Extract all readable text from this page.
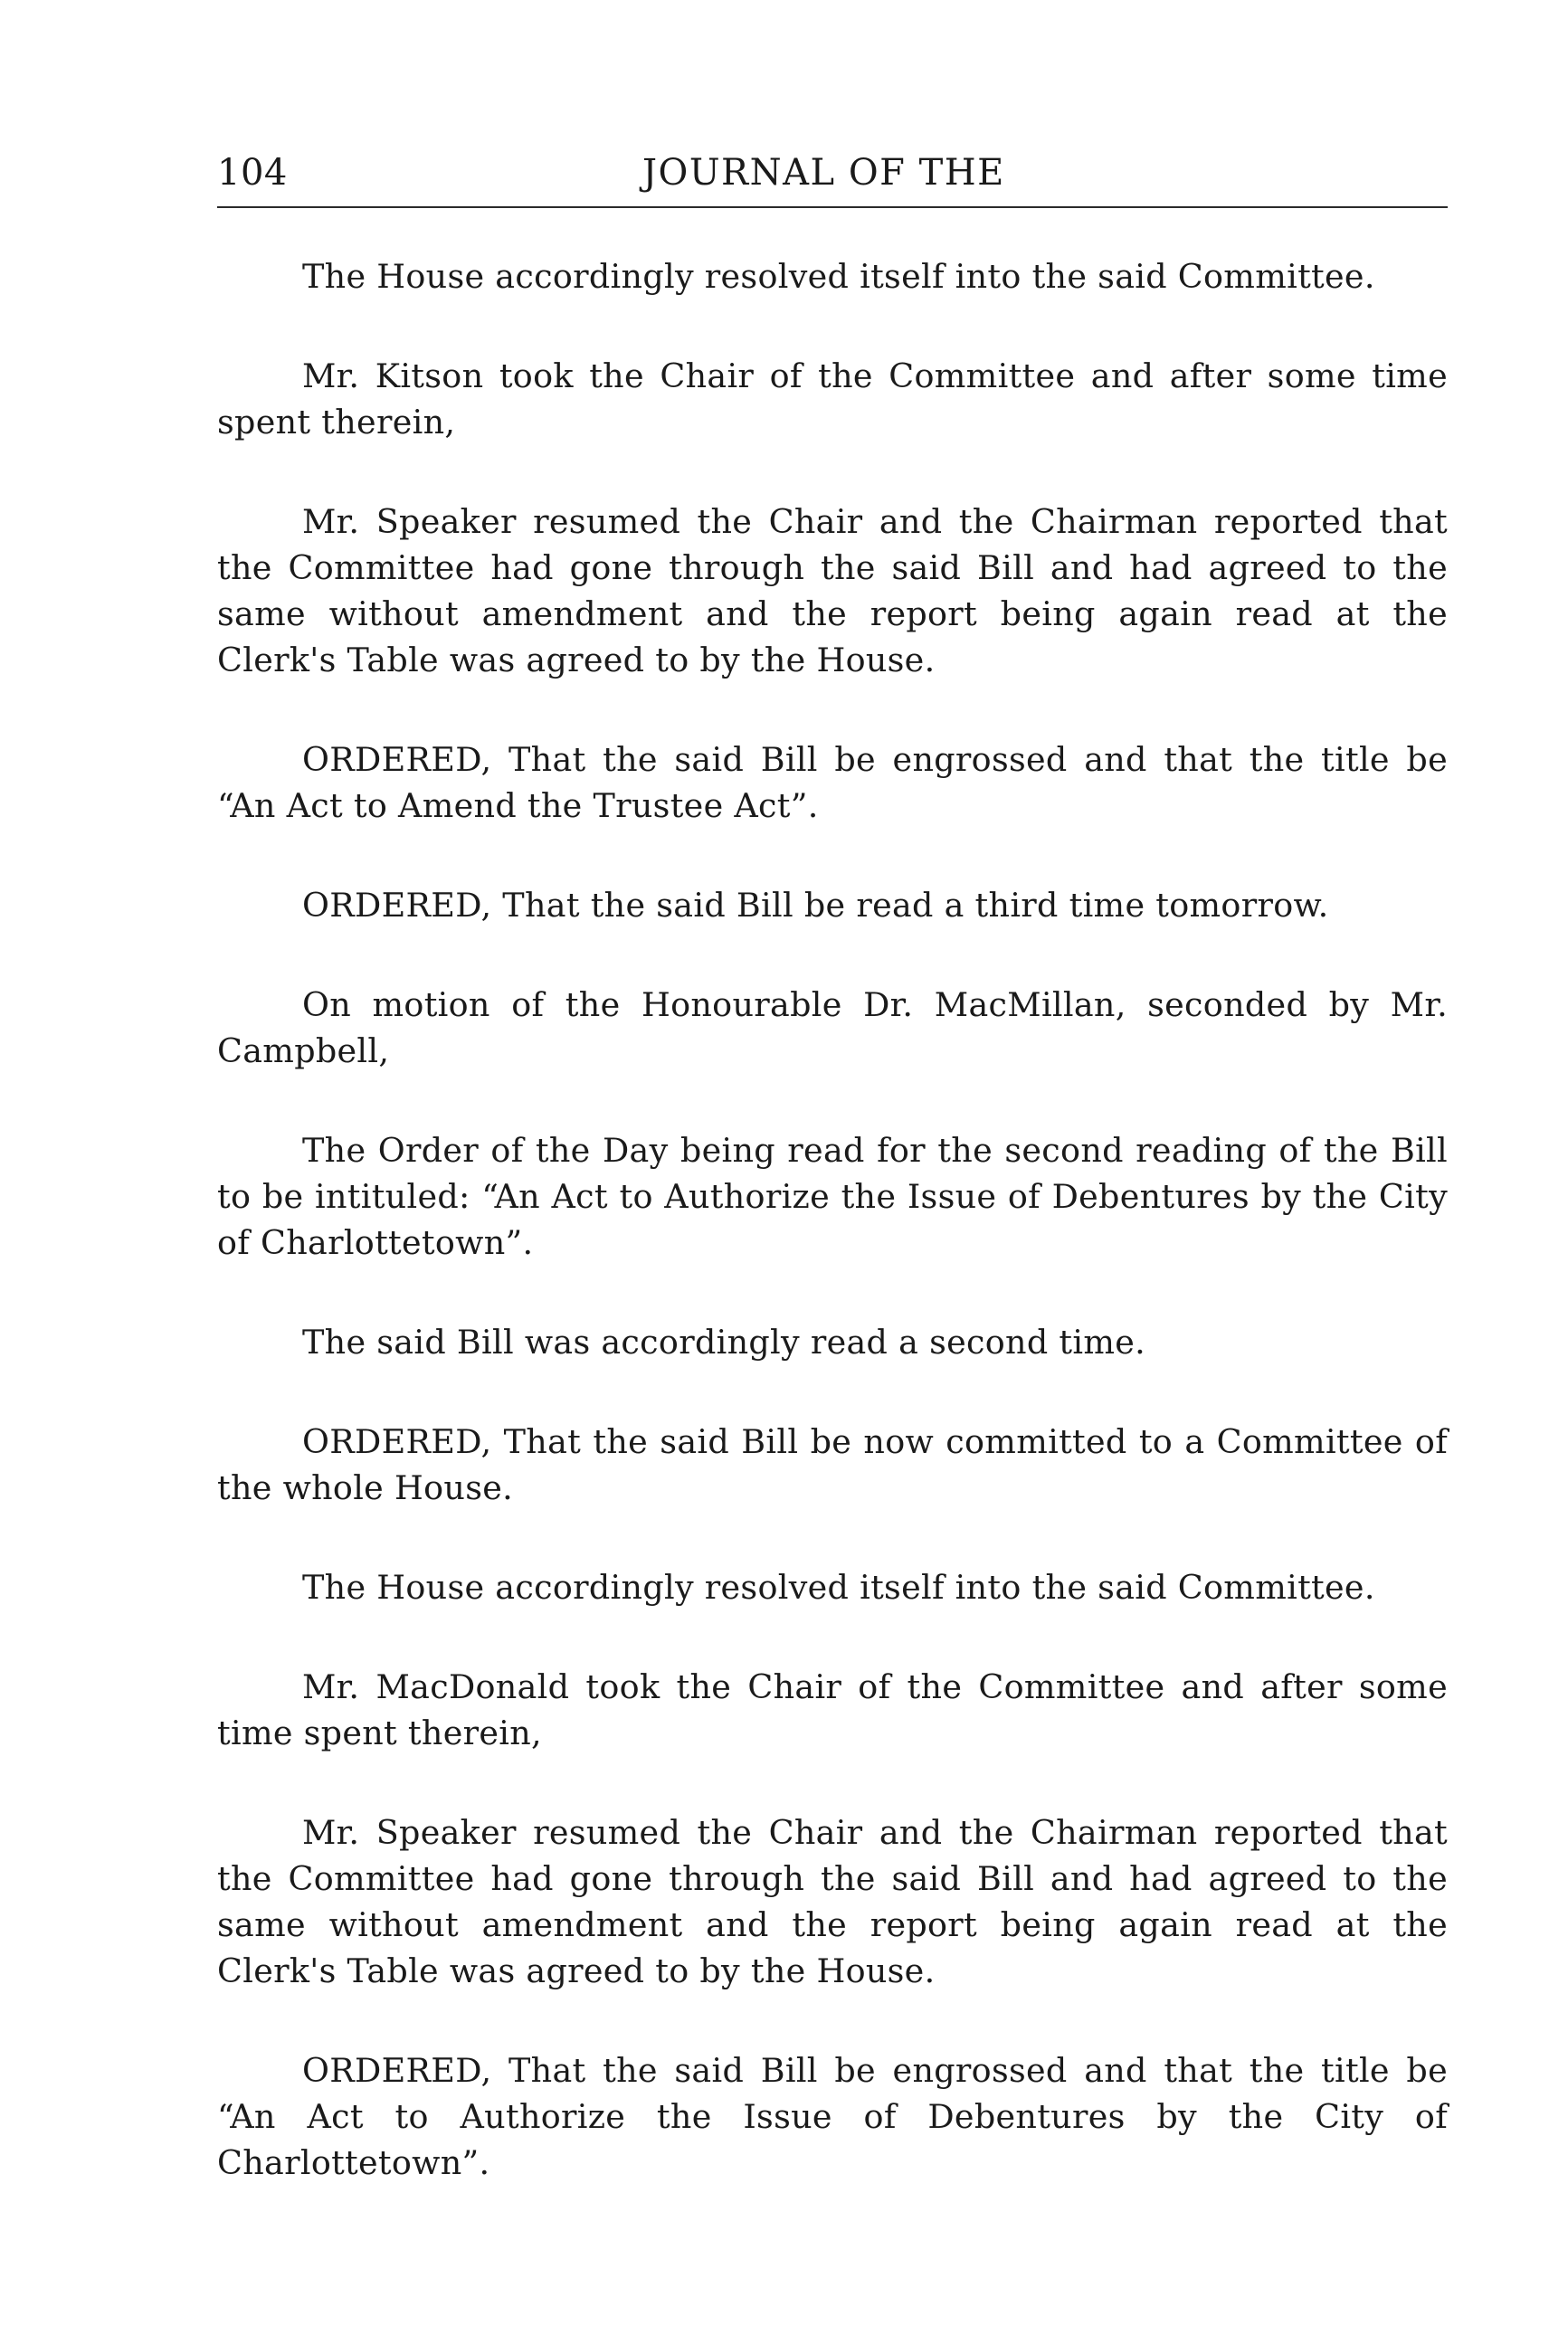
104	JOURNAL OF THE

The House accordingly resolved itself into the said Committee.

Mr. Kitson took the Chair of the Committee and after some time spent therein,

Mr. Speaker resumed the Chair and the Chairman reported that the Committee had gone through the said Bill and had agreed to the same without amendment and the report being again read at the Clerk's Table was agreed to by the House.

ORDERED, That the said Bill be engrossed and that the title be “An Act to Amend the Trustee Act”.

ORDERED, That the said Bill be read a third time tomorrow.

On motion of the Honourable Dr. MacMillan, seconded by Mr. Campbell,

The Order of the Day being read for the second reading of the Bill to be intituled: “An Act to Authorize the Issue of Debentures by the City of Charlottetown”.

The said Bill was accordingly read a second time.

ORDERED, That the said Bill be now committed to a Committee of the whole House.

The House accordingly resolved itself into the said Committee.

Mr. MacDonald took the Chair of the Committee and after some time spent therein,

Mr. Speaker resumed the Chair and the Chairman reported that the Committee had gone through the said Bill and had agreed to the same without amendment and the report being again read at the Clerk's Table was agreed to by the House.

ORDERED, That the said Bill be engrossed and that the title be “An Act to Authorize the Issue of Debentures by the City of Charlottetown”.
